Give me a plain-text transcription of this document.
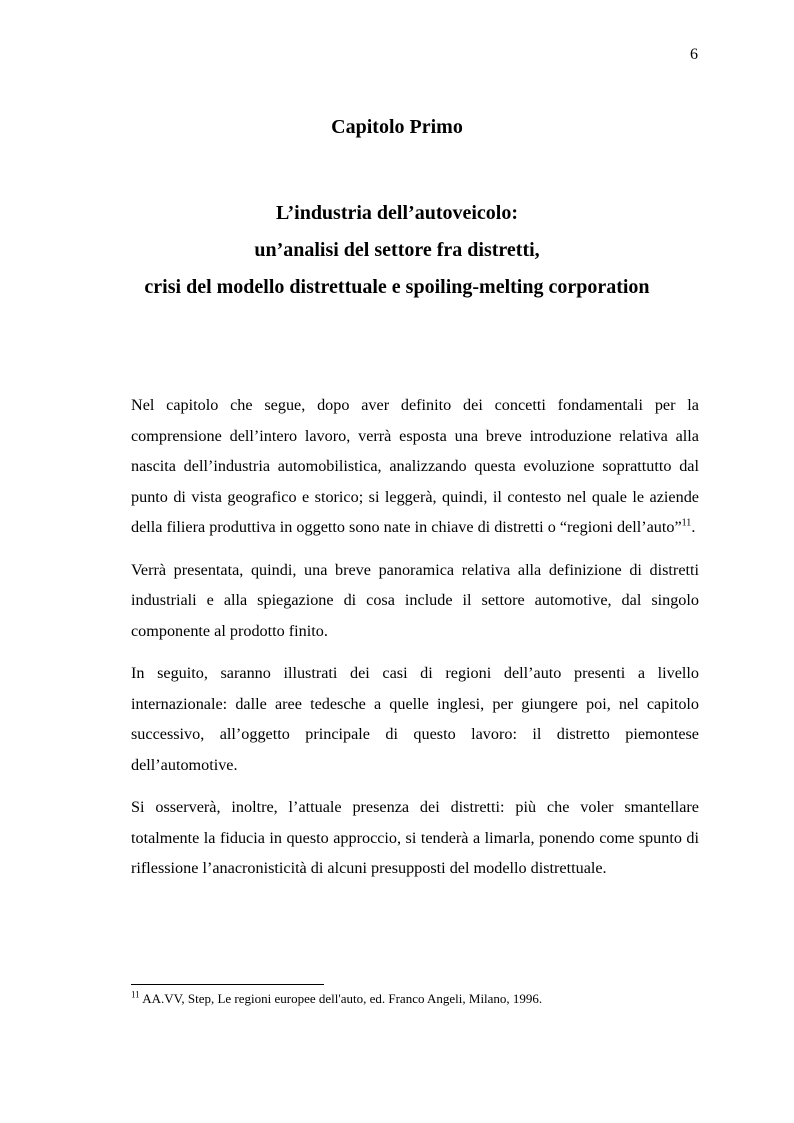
6
Capitolo Primo
L’industria dell’autoveicolo:
un’analisi del settore fra distretti,
crisi del modello distrettuale e spoiling-melting corporation

Nel capitolo che segue, dopo aver definito dei concetti fondamentali per la comprensione dell’intero lavoro, verrà esposta una breve introduzione relativa alla nascita dell’industria automobilistica, analizzando questa evoluzione soprattutto dal punto di vista geografico e storico; si leggerà, quindi, il contesto nel quale le aziende della filiera produttiva in oggetto sono nate in chiave di distretti o “regioni dell’auto”$^{11}$.

Verrà presentata, quindi, una breve panoramica relativa alla definizione di distretti industriali e alla spiegazione di cosa include il settore automotive, dal singolo componente al prodotto finito.

In seguito, saranno illustrati dei casi di regioni dell’auto presenti a livello internazionale: dalle aree tedesche a quelle inglesi, per giungere poi, nel capitolo successivo, all’oggetto principale di questo lavoro: il distretto piemontese dell’automotive.

Si osserverà, inoltre, l’attuale presenza dei distretti: più che voler smantellare totalmente la fiducia in questo approccio, si tenderà a limarla, ponendo come spunto di riflessione l’anacronisticità di alcuni presupposti del modello distrettuale.

$^{11}$ AA.VV, Step, Le regioni europee dell'auto, ed. Franco Angeli, Milano, 1996.
